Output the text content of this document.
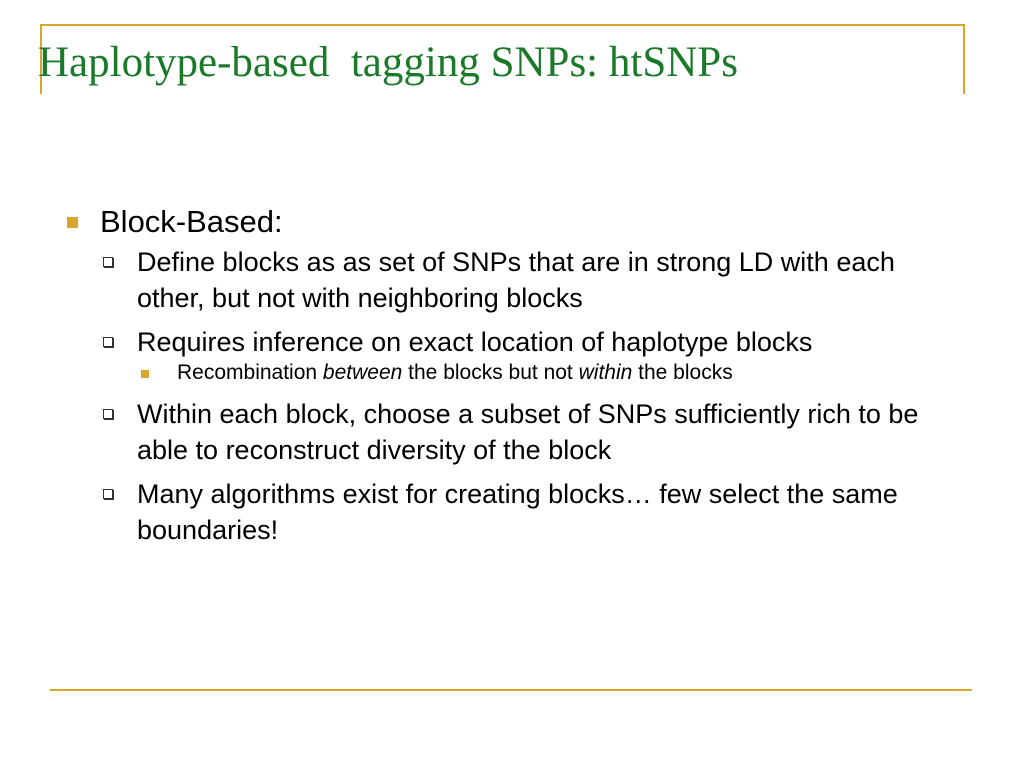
Haplotype-based  tagging SNPs: htSNPs
Block-Based:
Define blocks as as set of SNPs that are in strong LD with each other, but not with neighboring blocks
Requires inference on exact location of haplotype blocks
Recombination between the blocks but not within the blocks
Within each block, choose a subset of SNPs sufficiently rich to be able to reconstruct diversity of the block
Many algorithms exist for creating blocks… few select the same boundaries!
